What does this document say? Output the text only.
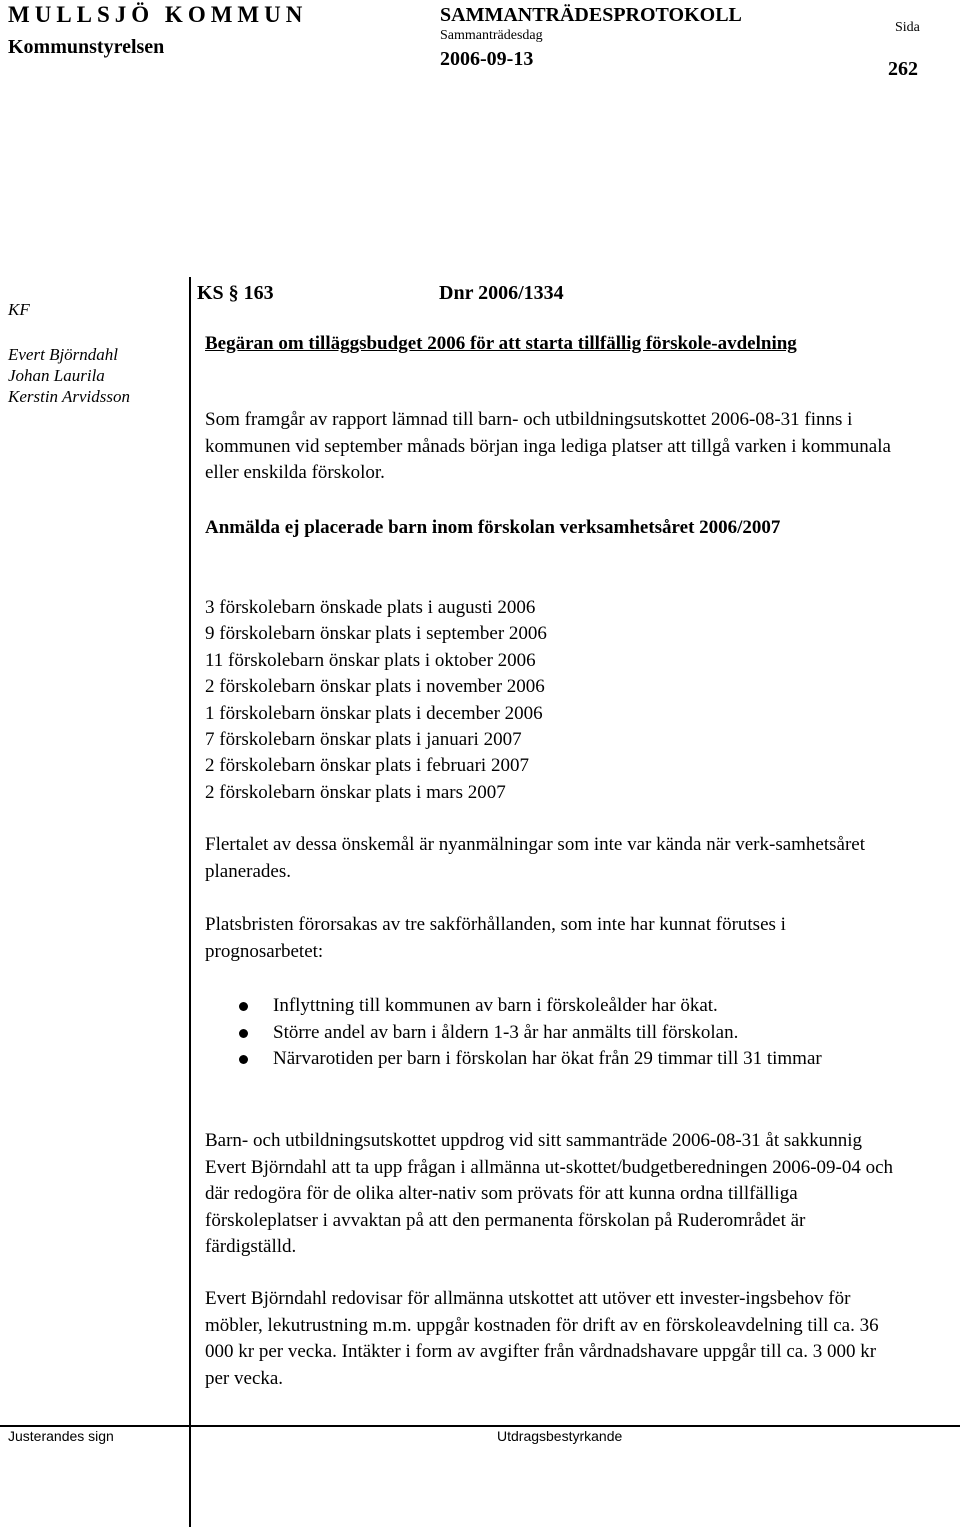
MULLSJÖ KOMMUN
Kommunstyrelsen
SAMMANTRÄDESPROTOKOLL
Sammanträdesdag
2006-09-13
Sida
262
KF
Evert Björndahl
Johan Laurila
Kerstin Arvidsson
KS § 163	Dnr 2006/1334
Begäran om tilläggsbudget 2006 för att starta tillfällig förskole-avdelning
Som framgår av rapport lämnad till barn- och utbildningsutskottet 2006-08-31 finns i kommunen vid september månads början inga lediga platser att tillgå varken i kommunala eller enskilda förskolor.
Anmälda ej placerade barn inom förskolan verksamhetsåret 2006/2007
3 förskolebarn önskade plats i augusti 2006
9 förskolebarn önskar plats i september 2006
11 förskolebarn önskar plats i oktober 2006
2 förskolebarn önskar plats i november 2006
1 förskolebarn önskar plats i december 2006
7 förskolebarn önskar plats i januari 2007
2 förskolebarn önskar plats i februari 2007
2 förskolebarn önskar plats i mars 2007
Flertalet av dessa önskemål är nyanmälningar som inte var kända när verk-samhetsåret planerades.
Platsbristen förorsakas av tre sakförhållanden, som inte har kunnat förutses i prognosarbetet:
Inflyttning till kommunen av barn i förskoleålder har ökat.
Större andel av barn i åldern 1-3 år har anmälts till förskolan.
Närvarotiden per barn i förskolan har ökat från 29 timmar till 31 timmar
Barn- och utbildningsutskottet uppdrog vid sitt sammanträde 2006-08-31 åt sakkunnig Evert Björndahl att ta upp frågan i allmänna ut-skottet/budgetberedningen 2006-09-04 och där redogöra för de olika alter-nativ som prövats för att kunna ordna tillfälliga förskoleplatser i avvaktan på att den permanenta förskolan på Ruderområdet är färdigställd.
Evert Björndahl redovisar för allmänna utskottet att utöver ett invester-ingsbehov för möbler, lekutrustning m.m. uppgår kostnaden för drift av en förskoleavdelning till ca. 36 000 kr per vecka. Intäkter i form av avgifter från vårdnadshavare uppgår till ca. 3 000 kr per vecka.
Justerandes sign	Utdragsbestyrkande
